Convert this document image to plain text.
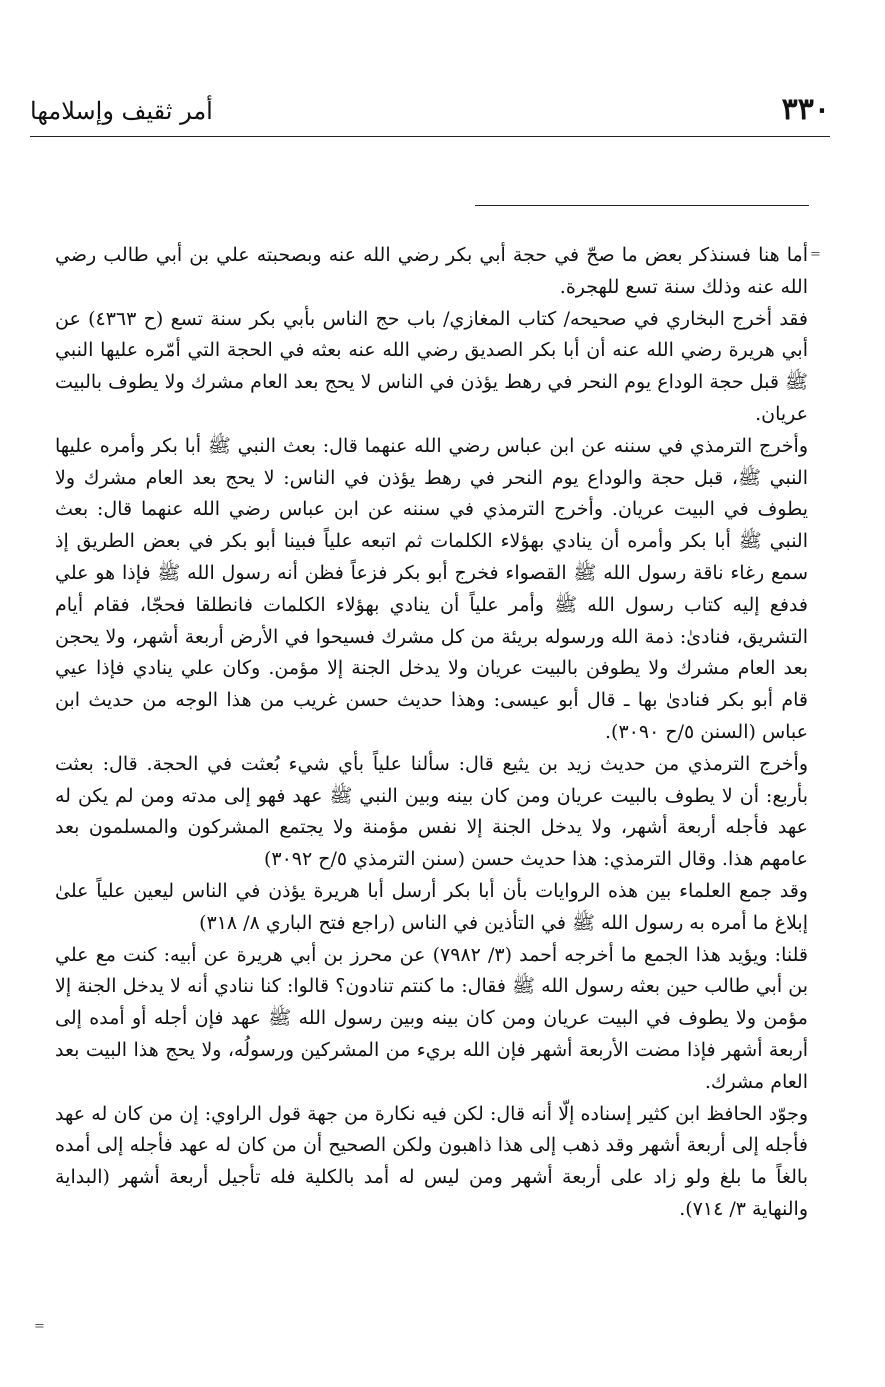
٣٣٠
أمر ثقيف وإسلامها
=

أما هنا فسنذكر بعض ما صحّ في حجة أبي بكر رضي الله عنه وبصحبته علي بن أبي طالب رضي الله عنه وذلك سنة تسع للهجرة.

فقد أخرج البخاري في صحيحه/ كتاب المغازي/ باب حج الناس بأبي بكر سنة تسع (ح ٤٣٦٣) عن أبي هريرة رضي الله عنه أن أبا بكر الصديق رضي الله عنه بعثه في الحجة التي أمّره عليها النبي ﷺ قبل حجة الوداع يوم النحر في رهط يؤذن في الناس لا يحج بعد العام مشرك ولا يطوف بالبيت عريان.

وأخرج الترمذي في سننه عن ابن عباس رضي الله عنهما قال: بعث النبي ﷺ أبا بكر وأمره عليها النبي ﷺ، قبل حجة والوداع يوم النحر في رهط يؤذن في الناس: لا يحج بعد العام مشرك ولا يطوف في البيت عريان. وأخرج الترمذي في سننه عن ابن عباس رضي الله عنهما قال: بعث النبي ﷺ أبا بكر وأمره أن ينادي بهؤلاء الكلمات ثم اتبعه علياً فبينا أبو بكر في بعض الطريق إذ سمع رغاء ناقة رسول الله ﷺ القصواء فخرج أبو بكر فزعاً فظن أنه رسول الله ﷺ فإذا هو علي فدفع إليه كتاب رسول الله ﷺ وأمر علياً أن ينادي بهؤلاء الكلمات فانطلقا فحجّا، فقام أيام التشريق، فنادىٰ: ذمة الله ورسوله بريئة من كل مشرك فسيحوا في الأرض أربعة أشهر، ولا يحجن بعد العام مشرك ولا يطوفن بالبيت عريان ولا يدخل الجنة إلا مؤمن. وكان علي ينادي فإذا عيي قام أبو بكر فنادىٰ بها ـ قال أبو عيسى: وهذا حديث حسن غريب من هذا الوجه من حديث ابن عباس (السنن ٥/ح ٣٠٩٠).

وأخرج الترمذي من حديث زيد بن يثيع قال: سألنا علياً بأي شيء بُعثت في الحجة. قال: بعثت بأربع: أن لا يطوف بالبيت عريان ومن كان بينه وبين النبي ﷺ عهد فهو إلى مدته ومن لم يكن له عهد فأجله أربعة أشهر، ولا يدخل الجنة إلا نفس مؤمنة ولا يجتمع المشركون والمسلمون بعد عامهم هذا. وقال الترمذي: هذا حديث حسن (سنن الترمذي ٥/ح ٣٠٩٢)

وقد جمع العلماء بين هذه الروايات بأن أبا بكر أرسل أبا هريرة يؤذن في الناس ليعين علياً علىٰ إبلاغ ما أمره به رسول الله ﷺ في التأذين في الناس (راجع فتح الباري ٨/ ٣١٨)

قلنا: ويؤيد هذا الجمع ما أخرجه أحمد (٣/ ٧٩٨٢) عن محرز بن أبي هريرة عن أبيه: كنت مع علي بن أبي طالب حين بعثه رسول الله ﷺ فقال: ما كنتم تنادون؟ قالوا: كنا ننادي أنه لا يدخل الجنة إلا مؤمن ولا يطوف في البيت عريان ومن كان بينه وبين رسول الله ﷺ عهد فإن أجله أو أمده إلى أربعة أشهر فإذا مضت الأربعة أشهر فإن الله بريء من المشركين ورسولُه، ولا يحج هذا البيت بعد العام مشرك.

وجوّد الحافظ ابن كثير إسناده إلّا أنه قال: لكن فيه نكارة من جهة قول الراوي: إن من كان له عهد فأجله إلى أربعة أشهر وقد ذهب إلى هذا ذاهبون ولكن الصحيح أن من كان له عهد فأجله إلى أمده بالغاً ما بلغ ولو زاد على أربعة أشهر ومن ليس له أمد بالكلية فله تأجيل أربعة أشهر (البداية والنهاية ٣/ ٧١٤).

=
